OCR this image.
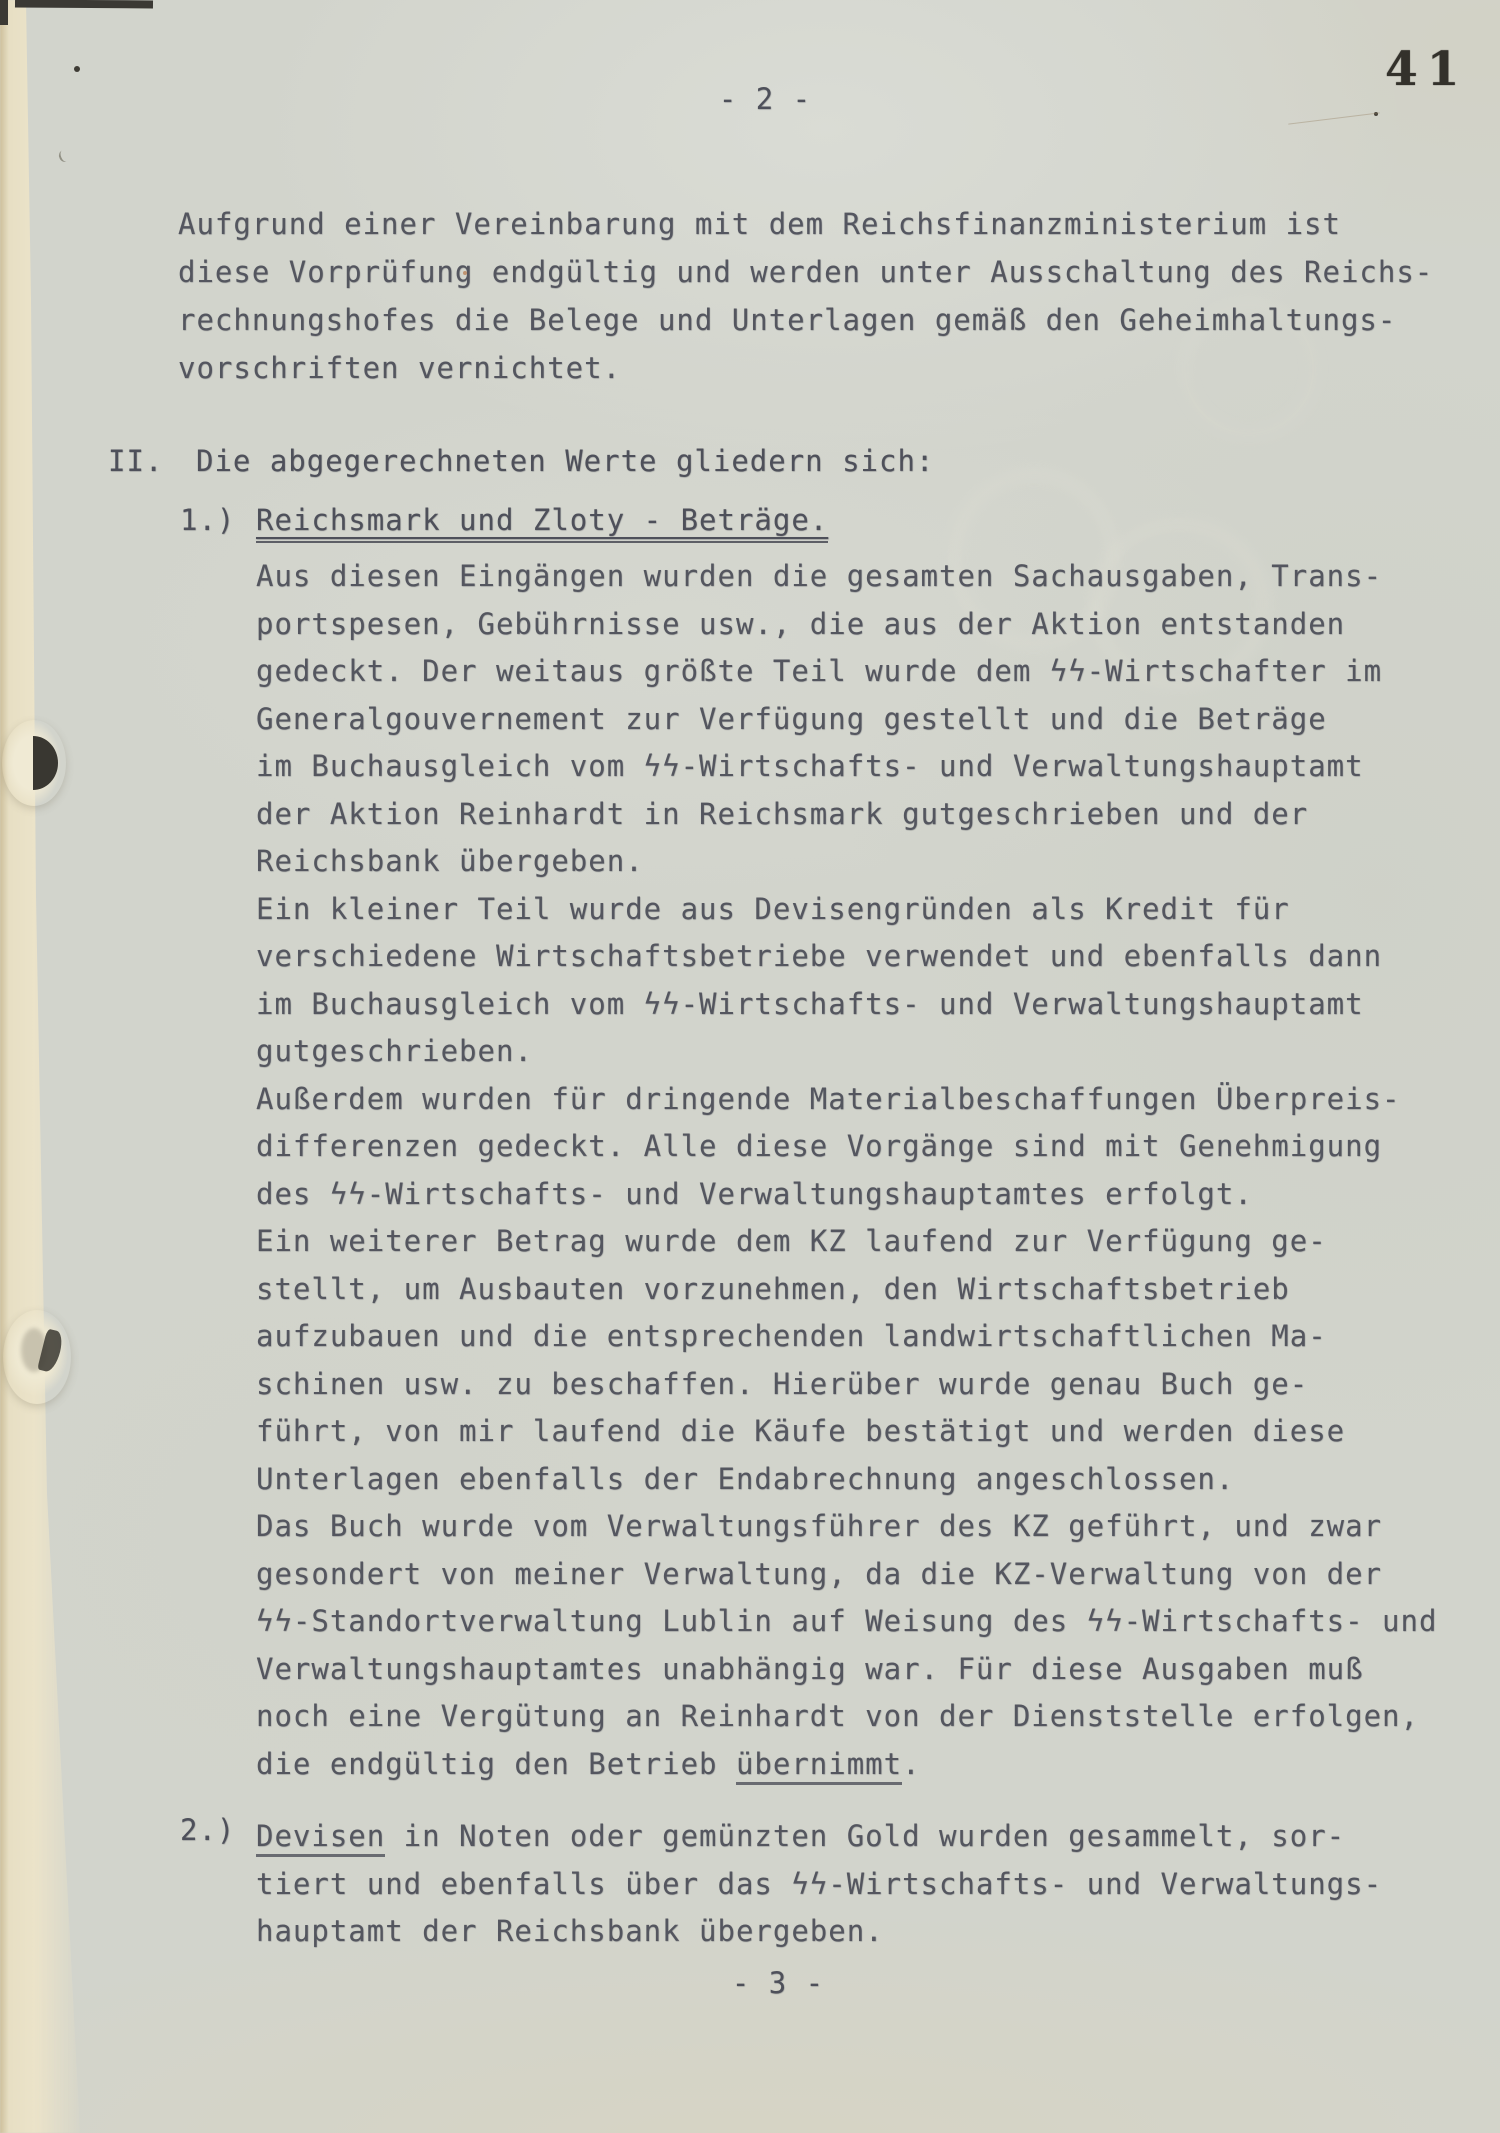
- 2 -
41
Aufgrund einer Vereinbarung mit dem Reichsfinanzministerium ist
diese Vorprüfung endgültig und werden unter Ausschaltung des Reichs-
rechnungshofes die Belege und Unterlagen gemäß den Geheimhaltungs-
vorschriften vernichtet.
II. Die abgegerechneten Werte gliedern sich:
1.) Reichsmark und Zloty - Beträge.
Aus diesen Eingängen wurden die gesamten Sachausgaben, Trans-
portspesen, Gebührnisse usw., die aus der Aktion entstanden
gedeckt. Der weitaus größte Teil wurde dem ϟϟ-Wirtschafter im
Generalgouvernement zur Verfügung gestellt und die Beträge
im Buchausgleich vom ϟϟ-Wirtschafts- und Verwaltungshauptamt
der Aktion Reinhardt in Reichsmark gutgeschrieben und der
Reichsbank übergeben.
Ein kleiner Teil wurde aus Devisengründen als Kredit für
verschiedene Wirtschaftsbetriebe verwendet und ebenfalls dann
im Buchausgleich vom ϟϟ-Wirtschafts- und Verwaltungshauptamt
gutgeschrieben.
Außerdem wurden für dringende Materialbeschaffungen Überpreis-
differenzen gedeckt. Alle diese Vorgänge sind mit Genehmigung
des ϟϟ-Wirtschafts- und Verwaltungshauptamtes erfolgt.
Ein weiterer Betrag wurde dem KZ laufend zur Verfügung ge-
stellt, um Ausbauten vorzunehmen, den Wirtschaftsbetrieb
aufzubauen und die entsprechenden landwirtschaftlichen Ma-
schinen usw. zu beschaffen. Hierüber wurde genau Buch ge-
führt, von mir laufend die Käufe bestätigt und werden diese
Unterlagen ebenfalls der Endabrechnung angeschlossen.
Das Buch wurde vom Verwaltungsführer des KZ geführt, und zwar
gesondert von meiner Verwaltung, da die KZ-Verwaltung von der
ϟϟ-Standortverwaltung Lublin auf Weisung des ϟϟ-Wirtschafts- und
Verwaltungshauptamtes unabhängig war. Für diese Ausgaben muß
noch eine Vergütung an Reinhardt von der Dienststelle erfolgen,
die endgültig den Betrieb übernimmt.
2.) Devisen in Noten oder gemünzten Gold wurden gesammelt, sor-
tiert und ebenfalls über das ϟϟ-Wirtschafts- und Verwaltungs-
hauptamt der Reichsbank übergeben.
- 3 -
